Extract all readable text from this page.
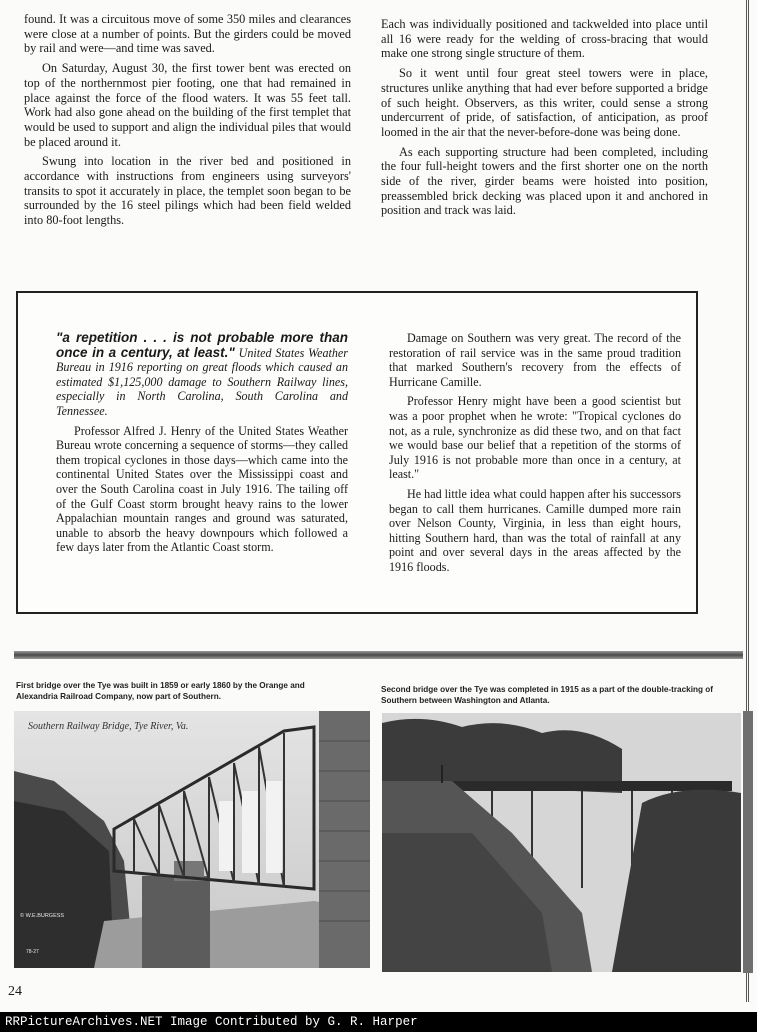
found. It was a circuitous move of some 350 miles and clearances were close at a number of points. But the girders could be moved by rail and were—and time was saved.

On Saturday, August 30, the first tower bent was erected on top of the northernmost pier footing, one that had remained in place against the force of the flood waters. It was 55 feet tall. Work had also gone ahead on the building of the first templet that would be used to support and align the individual piles that would be placed around it.

Swung into location in the river bed and positioned in accordance with instructions from engineers using surveyors' transits to spot it accurately in place, the templet soon began to be surrounded by the 16 steel pilings which had been field welded into 80-foot lengths.

Each was individually positioned and tackwelded into place until all 16 were ready for the welding of cross-bracing that would make one strong single structure of them.

So it went until four great steel towers were in place, structures unlike anything that had ever before supported a bridge of such height. Observers, as this writer, could sense a strong undercurrent of pride, of satisfaction, of anticipation, as proof loomed in the air that the never-before-done was being done.

As each supporting structure had been completed, including the four full-height towers and the first shorter one on the north side of the river, girder beams were hoisted into position, preassembled brick decking was placed upon it and anchored in position and track was laid.

"a repetition . . . is not probable more than once in a century, at least." United States Weather Bureau in 1916 reporting on great floods which caused an estimated $1,125,000 damage to Southern Railway lines, especially in North Carolina, South Carolina and Tennessee.

Professor Alfred J. Henry of the United States Weather Bureau wrote concerning a sequence of storms—they called them tropical cyclones in those days—which came into the continental United States over the Mississippi coast and over the South Carolina coast in July 1916. The tailing off of the Gulf Coast storm brought heavy rains to the lower Appalachian mountain ranges and ground was saturated, unable to absorb the heavy downpours which followed a few days later from the Atlantic Coast storm.

Damage on Southern was very great. The record of the restoration of rail service was in the same proud tradition that marked Southern's recovery from the effects of Hurricane Camille.

Professor Henry might have been a good scientist but was a poor prophet when he wrote: "Tropical cyclones do not, as a rule, synchronize as did these two, and on that fact we would base our belief that a repetition of the storms of July 1916 is not probable more than once in a century, at least."

He had little idea what could happen after his successors began to call them hurricanes. Camille dumped more rain over Nelson County, Virginia, in less than eight hours, hitting Southern hard, than was the total of rainfall at any point and over several days in the areas affected by the 1916 floods.

First bridge over the Tye was built in 1859 or early 1860 by the Orange and Alexandria Railroad Company, now part of Southern.
Second bridge over the Tye was completed in 1915 as a part of the double-tracking of Southern between Washington and Atlanta.
Southern Railway Bridge, Tye River, Va.
© W.E.BURGESS
78-27
24
RRPictureArchives.NET Image Contributed by G. R. Harper
